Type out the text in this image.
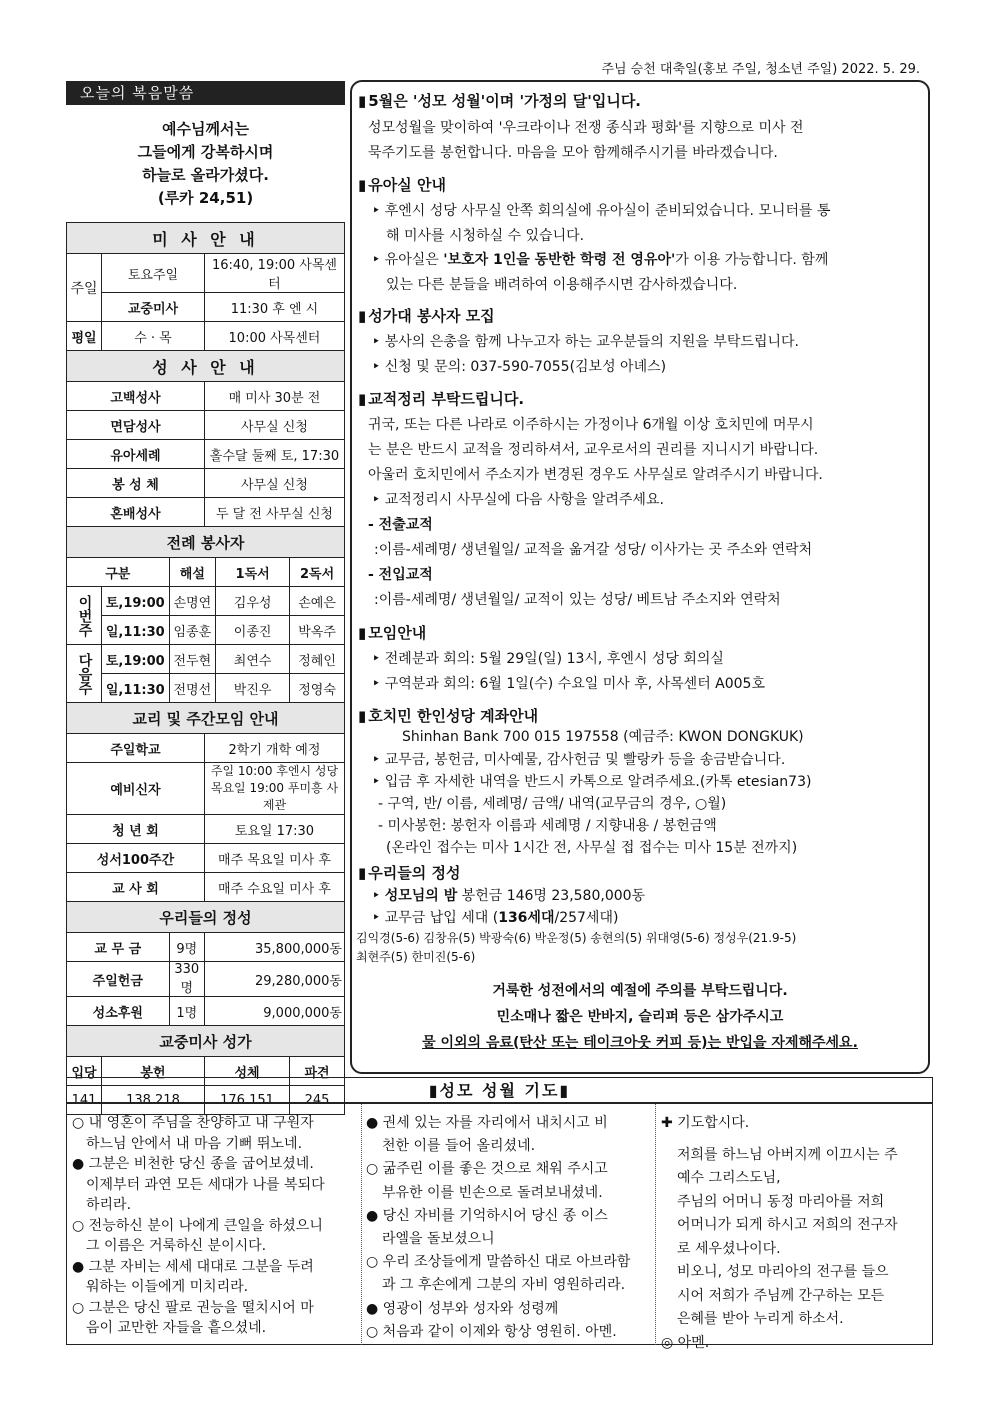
주님 승천 대축일(홍보 주일, 청소년 주일) 2022. 5. 29.
오늘의 복음말씀
예수님께서는
그들에게 강복하시며
하늘로 올라가셨다.
(루카 24,51)
미 사 안 내					
주일	토요주일		16:40, 19:00 사목센터		
	교중미사		11:30 후 엔 시		
평일	수 · 목		10:00 사목센터		
성 사 안 내					
고백성사			매 미사 30분 전		
면담성사			사무실 신청		
유아세례			홀수달 둘째 토, 17:30		
봉 성 체			사무실 신청		
혼배성사			두 달 전 사무실 신청		
전례 봉사자					
구분		해설		1독서	2독서
이번주	토,19:00	손명연		김우성	손예은
	일,11:30	임종훈		이종진	박옥주
다음주	토,19:00	전두현		최연수	정혜인
	일,11:30	전명선		박진우	정영숙
교리 및 주간모임 안내					
주일학교			2학기 개학 예정		
예비신자			주일 10:00 후엔시 성당
목요일 19:00 푸미흥 사제관		

청 년 회			토요일 17:30		
성서100주간			매주 목요일 미사 후		
교 사 회			매주 수요일 미사 후		
우리들의 정성					
교 무 금		9명	35,800,000동		
주일헌금		330명	29,280,000동		
성소후원		1명	9,000,000동		
교중미사 성가					
입당	봉헌		성체		파견
141	138 218		176 151		245
▮ 5월은 '성모 성월'이며 '가정의 달'입니다.
성모성월을 맞이하여 '우크라이나 전쟁 종식과 평화'를 지향으로 미사 전
묵주기도를 봉헌합니다. 마음을 모아 함께해주시기를 바라겠습니다.
▮ 유아실 안내
‣ 후엔시 성당 사무실 안쪽 회의실에 유아실이 준비되었습니다. 모니터를 통
해 미사를 시청하실 수 있습니다.
‣ 유아실은 '보호자 1인을 동반한 학령 전 영유아'가 이용 가능합니다. 함께
있는 다른 분들을 배려하여 이용해주시면 감사하겠습니다.
▮ 성가대 봉사자 모집
‣ 봉사의 은총을 함께 나누고자 하는 교우분들의 지원을 부탁드립니다.
‣ 신청 및 문의: 037-590-7055(김보성 아녜스)
▮ 교적정리 부탁드립니다.
귀국, 또는 다른 나라로 이주하시는 가정이나 6개월 이상 호치민에 머무시
는 분은 반드시 교적을 정리하셔서, 교우로서의 권리를 지니시기 바랍니다.
아울러 호치민에서 주소지가 변경된 경우도 사무실로 알려주시기 바랍니다.
‣ 교적정리시 사무실에 다음 사항을 알려주세요.
- 전출교적
:이름-세례명/ 생년월일/ 교적을 옮겨갈 성당/ 이사가는 곳 주소와 연락처
- 전입교적
:이름-세례명/ 생년월일/ 교적이 있는 성당/ 베트남 주소지와 연락처
▮ 모임안내
‣ 전례분과 회의: 5월 29일(일) 13시, 후엔시 성당 회의실
‣ 구역분과 회의: 6월 1일(수) 수요일 미사 후, 사목센터 A005호
▮ 호치민 한인성당 계좌안내
Shinhan Bank 700 015 197558 (예금주: KWON DONGKUK)
‣ 교무금, 봉헌금, 미사예물, 감사헌금 및 빨랑카 등을 송금받습니다.
‣ 입금 후 자세한 내역을 반드시 카톡으로 알려주세요.(카톡 etesian73)
- 구역, 반/ 이름, 세례명/ 금액/ 내역(교무금의 경우, ○월)
- 미사봉헌: 봉헌자 이름과 세례명 / 지향내용 / 봉헌금액
(온라인 접수는 미사 1시간 전, 사무실 접 접수는 미사 15분 전까지)
▮ 우리들의 정성
‣ 성모님의 밤 봉헌금 146명 23,580,000동
‣ 교무금 납입 세대 (136세대/257세대)
김익경(5-6) 김창유(5) 박광숙(6) 박운정(5) 송현의(5) 위대영(5-6) 정성우(21.9-5)
최현주(5) 한미진(5-6)
거룩한 성전에서의 예절에 주의를 부탁드립니다.
민소매나 짧은 반바지, 슬리퍼 등은 삼가주시고
물 이외의 음료(탄산 또는 테이크아웃 커피 등)는 반입을 자제해주세요.
▮성모 성월 기도▮
○ 내 영혼이 주님을 찬양하고 내 구원자
하느님 안에서 내 마음 기뻐 뛰노네.
● 그분은 비천한 당신 종을 굽어보셨네.
이제부터 과연 모든 세대가 나를 복되다
하리라.
○ 전능하신 분이 나에게 큰일을 하셨으니
그 이름은 거룩하신 분이시다.
● 그분 자비는 세세 대대로 그분을 두려
워하는 이들에게 미치리라.
○ 그분은 당신 팔로 권능을 떨치시어 마
음이 교만한 자들을 흩으셨네.
● 권세 있는 자를 자리에서 내치시고 비
천한 이를 들어 올리셨네.
○ 굶주린 이를 좋은 것으로 채워 주시고
부유한 이를 빈손으로 돌려보내셨네.
● 당신 자비를 기억하시어 당신 종 이스
라엘을 돌보셨으니
○ 우리 조상들에게 말씀하신 대로 아브라함
과 그 후손에게 그분의 자비 영원하리라.
● 영광이 성부와 성자와 성령께
○ 처음과 같이 이제와 항상 영원히. 아멘.
✚ 기도합시다.
저희를 하느님 아버지께 이끄시는 주
예수 그리스도님,
주님의 어머니 동정 마리아를 저희
어머니가 되게 하시고 저희의 전구자
로 세우셨나이다.
비오니, 성모 마리아의 전구를 들으
시어 저희가 주님께 간구하는 모든
은혜를 받아 누리게 하소서.
◎ 아멘.
